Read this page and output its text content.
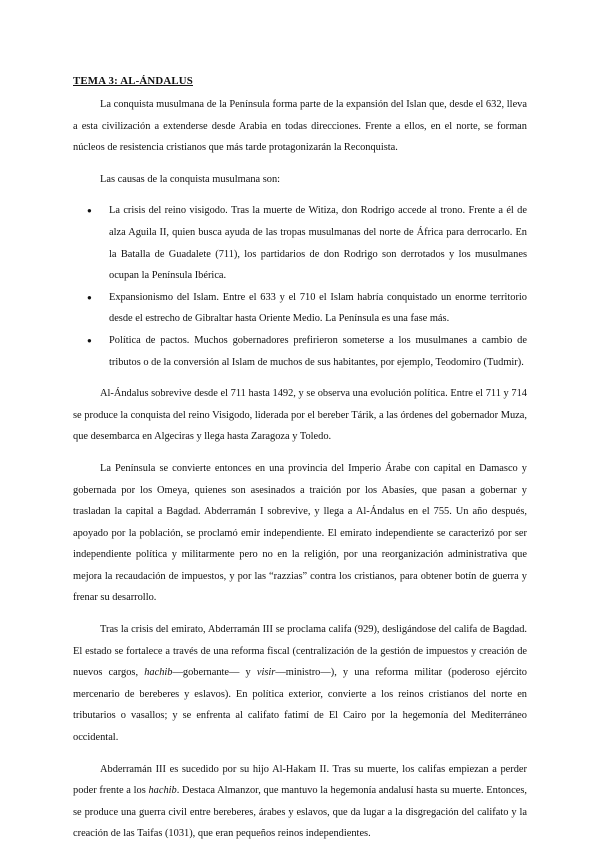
TEMA 3: AL-ÁNDALUS

La conquista musulmana de la Península forma parte de la expansión del Islan que, desde el 632, lleva a esta civilización a extenderse desde Arabia en todas direcciones. Frente a ellos, en el norte, se forman núcleos de resistencia cristianos que más tarde protagonizarán la Reconquista.

Las causas de la conquista musulmana son:

● La crisis del reino visigodo. Tras la muerte de Witiza, don Rodrigo accede al trono. Frente a él de alza Aguila II, quien busca ayuda de las tropas musulmanas del norte de África para derrocarlo. En la Batalla de Guadalete (711), los partidarios de don Rodrigo son derrotados y los musulmanes ocupan la Península Ibérica.
● Expansionismo del Islam. Entre el 633 y el 710 el Islam habría conquistado un enorme territorio desde el estrecho de Gibraltar hasta Oriente Medio. La Península es una fase más.
● Política de pactos. Muchos gobernadores prefirieron someterse a los musulmanes a cambio de tributos o de la conversión al Islam de muchos de sus habitantes, por ejemplo, Teodomiro (Tudmir).

Al-Ándalus sobrevive desde el 711 hasta 1492, y se observa una evolución política. Entre el 711 y 714 se produce la conquista del reino Visigodo, liderada por el bereber Tárik, a las órdenes del gobernador Muza, que desembarca en Algeciras y llega hasta Zaragoza y Toledo.

La Península se convierte entonces en una provincia del Imperio Árabe con capital en Damasco y gobernada por los Omeya, quienes son asesinados a traición por los Abasíes, que pasan a gobernar y trasladan la capital a Bagdad. Abderramán I sobrevive, y llega a Al-Ándalus en el 755. Un año después, apoyado por la población, se proclamó emir independiente. El emirato independiente se caracterizó por ser independiente política y militarmente pero no en la religión, por una reorganización administrativa que mejora la recaudación de impuestos, y por las “razzias” contra los cristianos, para obtener botín de guerra y frenar su desarrollo.

Tras la crisis del emirato, Abderramán III se proclama califa (929), desligándose del califa de Bagdad. El estado se fortalece a través de una reforma fiscal (centralización de la gestión de impuestos y creación de nuevos cargos, hachib—gobernante— y visir—ministro—), y una reforma militar (poderoso ejército mercenario de bereberes y eslavos). En política exterior, convierte a los reinos cristianos del norte en tributarios o vasallos; y se enfrenta al califato fatimí de El Cairo por la hegemonía del Mediterráneo occidental.

Abderramán III es sucedido por su hijo Al-Hakam II. Tras su muerte, los califas empiezan a perder poder frente a los hachib. Destaca Almanzor, que mantuvo la hegemonía andalusí hasta su muerte. Entonces, se produce una guerra civil entre bereberes, árabes y eslavos, que da lugar a la disgregación del califato y la creación de las Taifas (1031), que eran pequeños reinos independientes.
